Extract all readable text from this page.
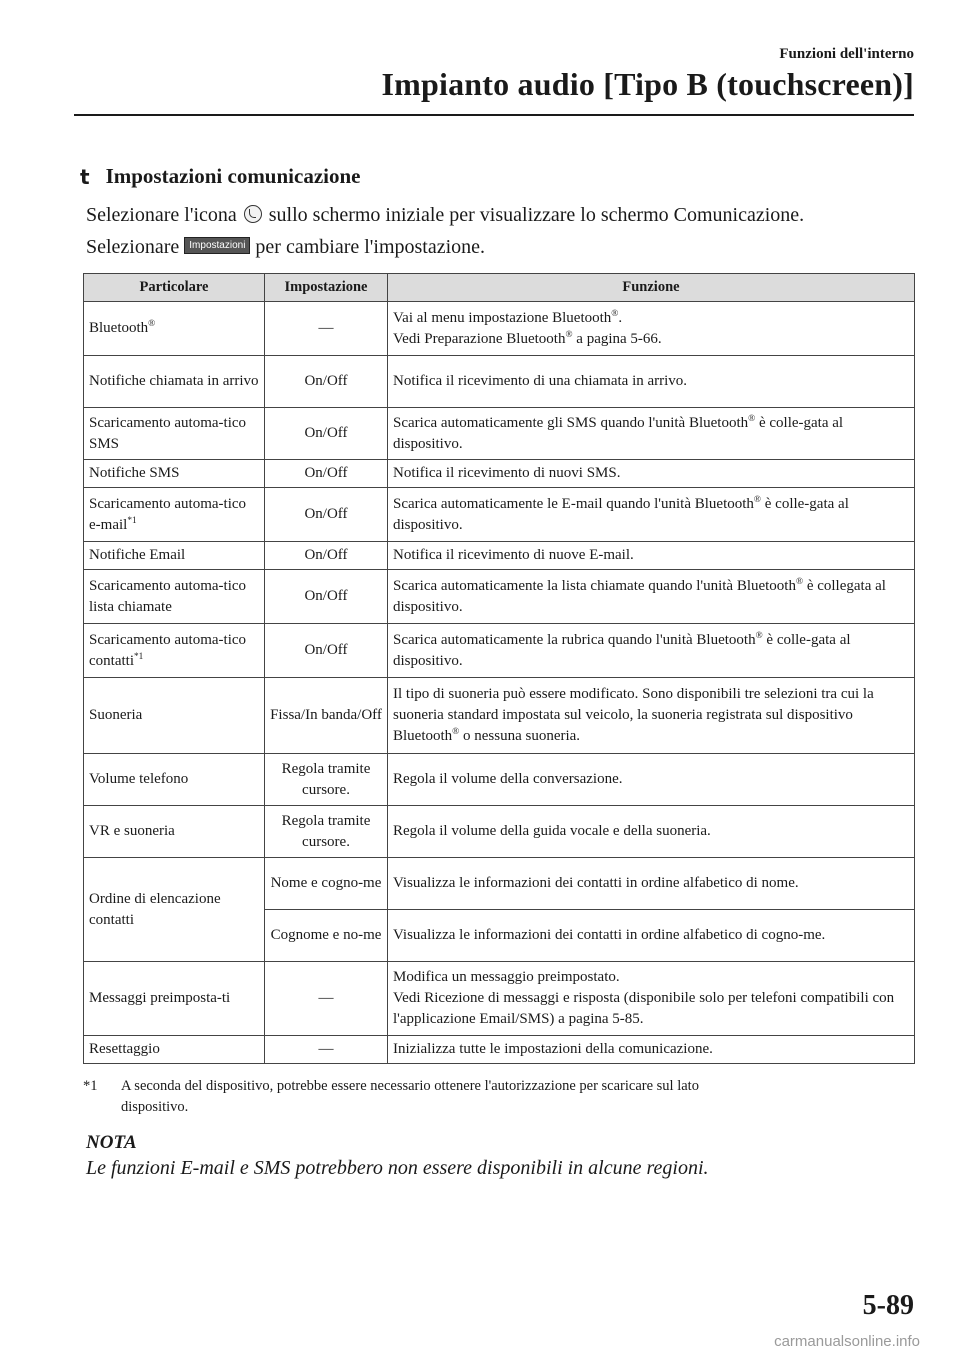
Funzioni dell'interno
Impianto audio [Tipo B (touchscreen)]
t Impostazioni comunicazione
Selezionare l'icona sullo schermo iniziale per visualizzare lo schermo Comunicazione.
Selezionare Impostazioni per cambiare l'impostazione.
Particolare	Impostazione	Funzione
Bluetooth®	—	Vai al menu impostazione Bluetooth®.
Vedi Preparazione Bluetooth® a pagina 5-66.

Notifiche chiamata in arrivo	On/Off	Notifica il ricevimento di una chiamata in arrivo.
Scaricamento automa-tico SMS	On/Off	Scarica automaticamente gli SMS quando l'unità Bluetooth® è colle-gata al dispositivo.
Notifiche SMS	On/Off	Notifica il ricevimento di nuovi SMS.
Scaricamento automa-tico e-mail$^{*1}$	On/Off	Scarica automaticamente le E-mail quando l'unità Bluetooth® è colle-gata al dispositivo.
Notifiche Email	On/Off	Notifica il ricevimento di nuove E-mail.
Scaricamento automa-tico lista chiamate	On/Off	Scarica automaticamente la lista chiamate quando l'unità Bluetooth® è collegata al dispositivo.
Scaricamento automa-tico contatti$^{*1}$	On/Off	Scarica automaticamente la rubrica quando l'unità Bluetooth® è colle-gata al dispositivo.
Suoneria	Fissa/In banda/Off	Il tipo di suoneria può essere modificato. Sono disponibili tre selezioni tra cui la suoneria standard impostata sul veicolo, la suoneria registrata sul dispositivo Bluetooth® o nessuna suoneria.
Volume telefono	Regola tramite cursore.	Regola il volume della conversazione.
VR e suoneria	Regola tramite cursore.	Regola il volume della guida vocale e della suoneria.
Ordine di elencazione contatti	Nome e cogno-me	Visualizza le informazioni dei contatti in ordine alfabetico di nome.
	Cognome e no-me	Visualizza le informazioni dei contatti in ordine alfabetico di cogno-me.
Messaggi preimposta-ti	—	Modifica un messaggio preimpostato.
Vedi Ricezione di messaggi e risposta (disponibile solo per telefoni compatibili con l'applicazione Email/SMS) a pagina 5-85.

Resettaggio	—	Inizializza tutte le impostazioni della comunicazione.
*1 A seconda del dispositivo, potrebbe essere necessario ottenere l'autorizzazione per scaricare sul lato
dispositivo.
NOTA
Le funzioni E-mail e SMS potrebbero non essere disponibili in alcune regioni.
5-89
carmanualsonline.info
